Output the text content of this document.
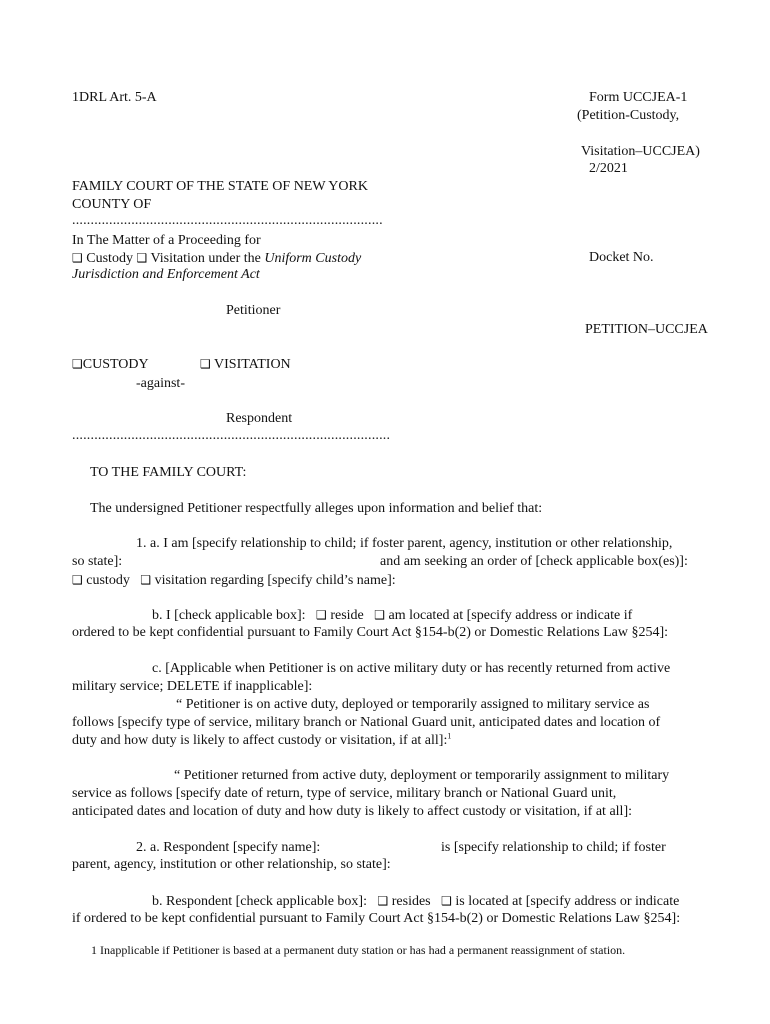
1DRL Art. 5-A	Form UCCJEA-1
(Petition-Custody,
Visitation–UCCJEA)
2/2021
FAMILY COURT OF THE STATE OF NEW YORK
COUNTY OF
....................................................................................
In The Matter of a Proceeding for
❑ Custody ❑ Visitation under the Uniform Custody
Jurisdiction and Enforcement Act
Docket No.
Petitioner
PETITION–UCCJEA
❑CUSTODY	❑ VISITATION
-against-
Respondent
......................................................................................
TO THE FAMILY COURT:
The undersigned Petitioner respectfully alleges upon information and belief that:
1. a. I am [specify relationship to child; if foster parent, agency, institution or other relationship,
so state]:	and am seeking an order of [check applicable box(es)]:
❑ custody ❑ visitation regarding [specify child’s name]:
b. I [check applicable box]: ❑ reside ❑ am located at [specify address or indicate if
ordered to be kept confidential pursuant to Family Court Act §154-b(2) or Domestic Relations Law §254]:
c. [Applicable when Petitioner is on active military duty or has recently returned from active
military service; DELETE if inapplicable]:
“ Petitioner is on active duty, deployed or temporarily assigned to military service as
follows [specify type of service, military branch or National Guard unit, anticipated dates and location of
duty and how duty is likely to affect custody or visitation, if at all]:$^1$
“ Petitioner returned from active duty, deployment or temporarily assignment to military
service as follows [specify date of return, type of service, military branch or National Guard unit,
anticipated dates and location of duty and how duty is likely to affect custody or visitation, if at all]:
2. a. Respondent [specify name]:	is [specify relationship to child; if foster
parent, agency, institution or other relationship, so state]:
b. Respondent [check applicable box]: ❑ resides ❑ is located at [specify address or indicate
if ordered to be kept confidential pursuant to Family Court Act §154-b(2) or Domestic Relations Law §254]:
1 Inapplicable if Petitioner is based at a permanent duty station or has had a permanent reassignment of station.
